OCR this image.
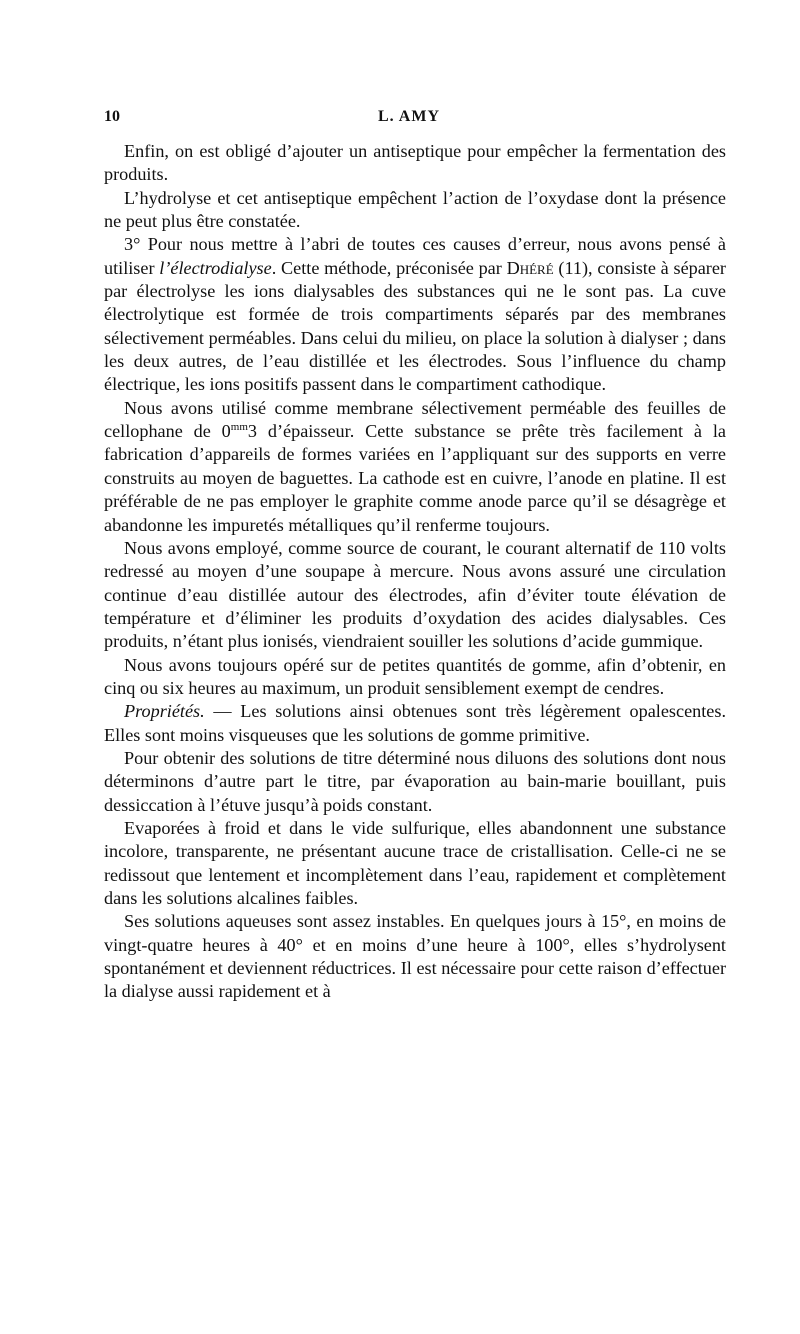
10	L. AMY

Enfin, on est obligé d’ajouter un antiseptique pour empêcher la fermentation des produits.

L’hydrolyse et cet antiseptique empêchent l’action de l’oxydase dont la présence ne peut plus être constatée.

3° Pour nous mettre à l’abri de toutes ces causes d’erreur, nous avons pensé à utiliser l’électrodialyse. Cette méthode, préconisée par Dhéré (11), consiste à séparer par électrolyse les ions dialysables des substances qui ne le sont pas. La cuve électrolytique est formée de trois compartiments séparés par des membranes sélectivement perméables. Dans celui du milieu, on place la solution à dialyser ; dans les deux autres, de l’eau distillée et les électrodes. Sous l’influence du champ électrique, les ions positifs passent dans le compartiment cathodique.

Nous avons utilisé comme membrane sélectivement perméable des feuilles de cellophane de $0^{mm}3$ d’épaisseur. Cette substance se prête très facilement à la fabrication d’appareils de formes variées en l’appliquant sur des supports en verre construits au moyen de baguettes. La cathode est en cuivre, l’anode en platine. Il est préférable de ne pas employer le graphite comme anode parce qu’il se désagrège et abandonne les impuretés métalliques qu’il renferme toujours.

Nous avons employé, comme source de courant, le courant alternatif de 110 volts redressé au moyen d’une soupape à mercure. Nous avons assuré une circulation continue d’eau distillée autour des électrodes, afin d’éviter toute élévation de température et d’éliminer les produits d’oxydation des acides dialysables. Ces produits, n’étant plus ionisés, viendraient souiller les solutions d’acide gummique.

Nous avons toujours opéré sur de petites quantités de gomme, afin d’obtenir, en cinq ou six heures au maximum, un produit sensiblement exempt de cendres.

Propriétés. — Les solutions ainsi obtenues sont très légèrement opalescentes. Elles sont moins visqueuses que les solutions de gomme primitive.

Pour obtenir des solutions de titre déterminé nous diluons des solutions dont nous déterminons d’autre part le titre, par évaporation au bain-marie bouillant, puis dessiccation à l’étuve jusqu’à poids constant.

Evaporées à froid et dans le vide sulfurique, elles abandonnent une substance incolore, transparente, ne présentant aucune trace de cristallisation. Celle-ci ne se redissout que lentement et incomplètement dans l’eau, rapidement et complètement dans les solutions alcalines faibles.

Ses solutions aqueuses sont assez instables. En quelques jours à 15°, en moins de vingt-quatre heures à 40° et en moins d’une heure à 100°, elles s’hydrolysent spontanément et deviennent réductrices. Il est nécessaire pour cette raison d’effectuer la dialyse aussi rapidement et à
